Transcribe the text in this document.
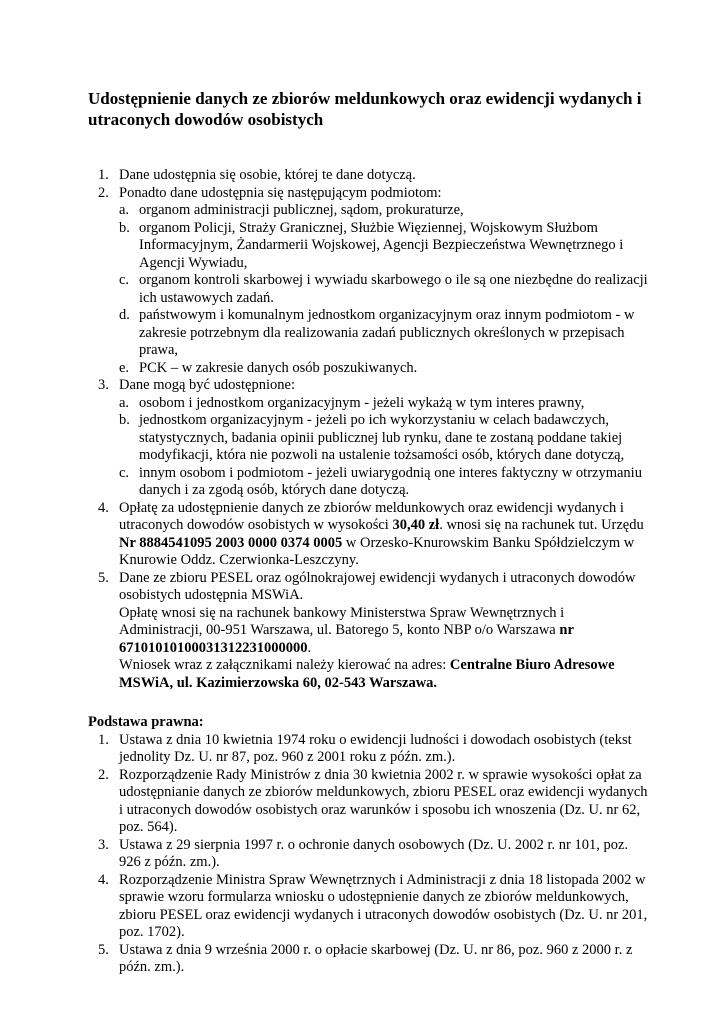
Udostępnienie danych ze zbiorów meldunkowych oraz ewidencji wydanych i utraconych dowodów osobistych
1. Dane udostępnia się osobie, której te dane dotyczą.

2. Ponadto dane udostępnia się następującym podmiotom:

a. organom administracji publicznej, sądom, prokuraturze,

b. organom Policji, Straży Granicznej, Służbie Więziennej, Wojskowym Służbom Informacyjnym, Żandarmerii Wojskowej, Agencji Bezpieczeństwa Wewnętrznego i Agencji Wywiadu,

c. organom kontroli skarbowej i wywiadu skarbowego o ile są one niezbędne do realizacji ich ustawowych zadań.

d. państwowym i komunalnym jednostkom organizacyjnym oraz innym podmiotom - w zakresie potrzebnym dla realizowania zadań publicznych określonych w przepisach prawa,

e. PCK – w zakresie danych osób poszukiwanych.

3. Dane mogą być udostępnione:

a. osobom i jednostkom organizacyjnym - jeżeli wykażą w tym interes prawny,

b. jednostkom organizacyjnym - jeżeli po ich wykorzystaniu w celach badawczych, statystycznych, badania opinii publicznej lub rynku, dane te zostaną poddane takiej modyfikacji, która nie pozwoli na ustalenie tożsamości osób, których dane dotyczą,

c. innym osobom i podmiotom - jeżeli uwiarygodnią one interes faktyczny w otrzymaniu danych i za zgodą osób, których dane dotyczą.

4. Opłatę za udostępnienie danych ze zbiorów meldunkowych oraz ewidencji wydanych i utraconych dowodów osobistych w wysokości 30,40 zł. wnosi się na rachunek tut. Urzędu Nr 8884541095 2003 0000 0374 0005 w Orzesko-Knurowskim Banku Spółdzielczym w Knurowie Oddz. Czerwionka-Leszczyny.

5. Dane ze zbioru PESEL oraz ogólnokrajowej ewidencji wydanych i utraconych dowodów osobistych udostępnia MSWiA.

Opłatę wnosi się na rachunek bankowy Ministerstwa Spraw Wewnętrznych i Administracji, 00-951 Warszawa, ul. Batorego 5, konto NBP o/o Warszawa nr 67101010100031312231000000.

Wniosek wraz z załącznikami należy kierować na adres: Centralne Biuro Adresowe MSWiA, ul. Kazimierzowska 60, 02-543 Warszawa.

Podstawa prawna:
1. Ustawa z dnia 10 kwietnia 1974 roku o ewidencji ludności i dowodach osobistych (tekst jednolity Dz. U. nr 87, poz. 960 z 2001 roku z późn. zm.).

2. Rozporządzenie Rady Ministrów z dnia 30 kwietnia 2002 r. w sprawie wysokości opłat za udostępnianie danych ze zbiorów meldunkowych, zbioru PESEL oraz ewidencji wydanych i utraconych dowodów osobistych oraz warunków i sposobu ich wnoszenia (Dz. U. nr 62, poz. 564).

3. Ustawa z 29 sierpnia 1997 r. o ochronie danych osobowych (Dz. U. 2002 r. nr 101, poz. 926 z późn. zm.).

4. Rozporządzenie Ministra Spraw Wewnętrznych i Administracji z dnia 18 listopada 2002 w sprawie wzoru formularza wniosku o udostępnienie danych ze zbiorów meldunkowych, zbioru PESEL oraz ewidencji wydanych i utraconych dowodów osobistych (Dz. U. nr 201, poz. 1702).

5. Ustawa z dnia 9 września 2000 r. o opłacie skarbowej (Dz. U. nr 86, poz. 960 z 2000 r. z późn. zm.).
